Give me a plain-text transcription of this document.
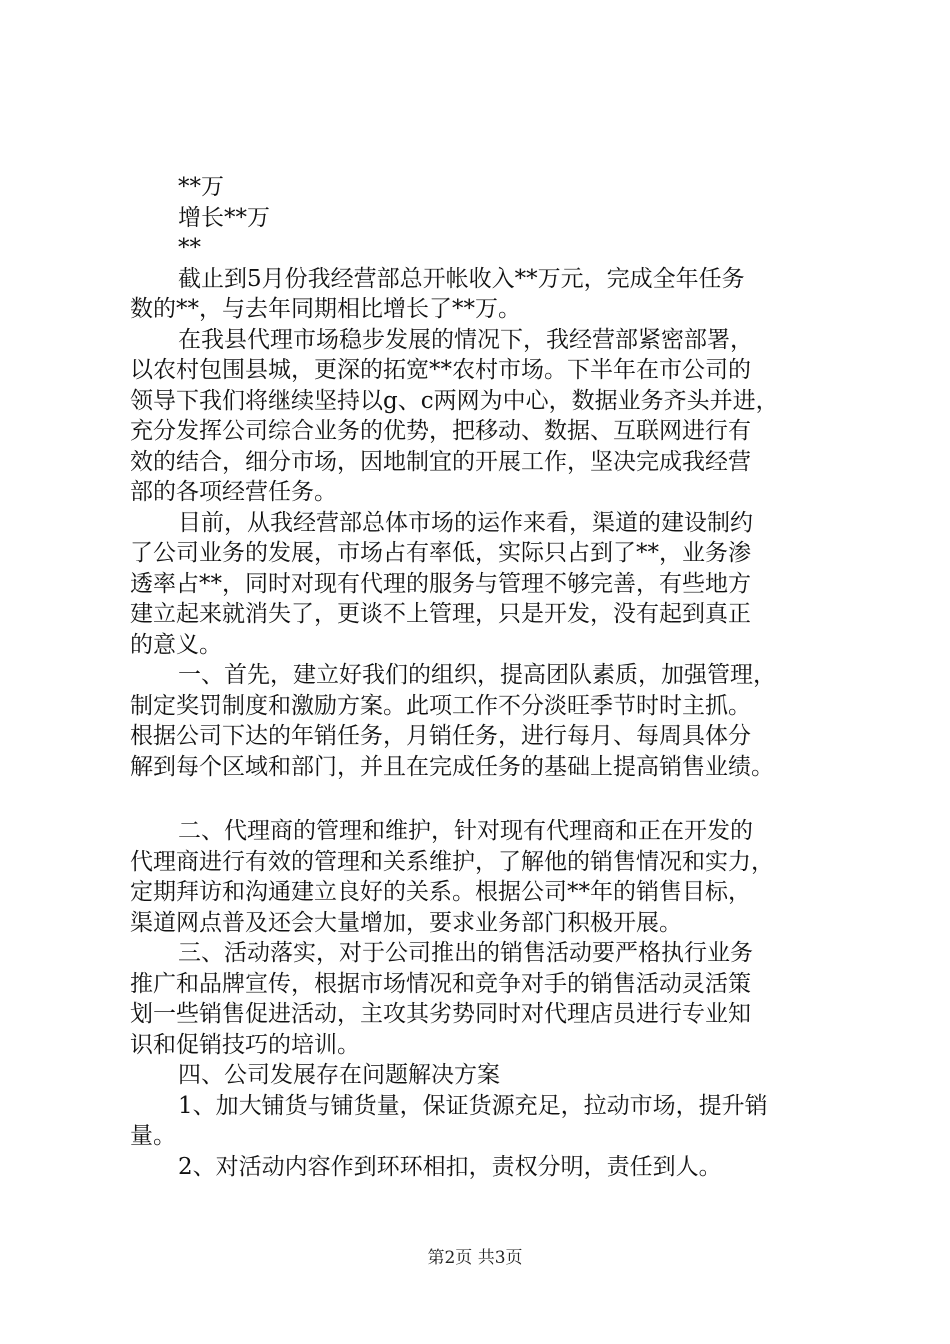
**万

增长**万

**

截止到5月份我经营部总开帐收入**万元，完成全年任务

数的**，与去年同期相比增长了**万。

在我县代理市场稳步发展的情况下，我经营部紧密部署，

以农村包围县城，更深的拓宽**农村市场。下半年在市公司的

领导下我们将继续坚持以g、c两网为中心，数据业务齐头并进，

充分发挥公司综合业务的优势，把移动、数据、互联网进行有

效的结合，细分市场，因地制宜的开展工作，坚决完成我经营

部的各项经营任务。

目前，从我经营部总体市场的运作来看，渠道的建设制约

了公司业务的发展，市场占有率低，实际只占到了**，业务渗

透率占**，同时对现有代理的服务与管理不够完善，有些地方

建立起来就消失了，更谈不上管理，只是开发，没有起到真正

的意义。

一、首先，建立好我们的组织，提高团队素质，加强管理，

制定奖罚制度和激励方案。此项工作不分淡旺季节时时主抓。

根据公司下达的年销任务，月销任务，进行每月、每周具体分

解到每个区域和部门，并且在完成任务的基础上提高销售业绩。

二、代理商的管理和维护，针对现有代理商和正在开发的

代理商进行有效的管理和关系维护，了解他的销售情况和实力，

定期拜访和沟通建立良好的关系。根据公司**年的销售目标，

渠道网点普及还会大量增加，要求业务部门积极开展。

三、活动落实，对于公司推出的销售活动要严格执行业务

推广和品牌宣传，根据市场情况和竞争对手的销售活动灵活策

划一些销售促进活动，主攻其劣势同时对代理店员进行专业知

识和促销技巧的培训。

四、公司发展存在问题解决方案

1、加大铺货与铺货量，保证货源充足，拉动市场，提升销

量。

2、对活动内容作到环环相扣，责权分明，责任到人。

第2页 共3页
